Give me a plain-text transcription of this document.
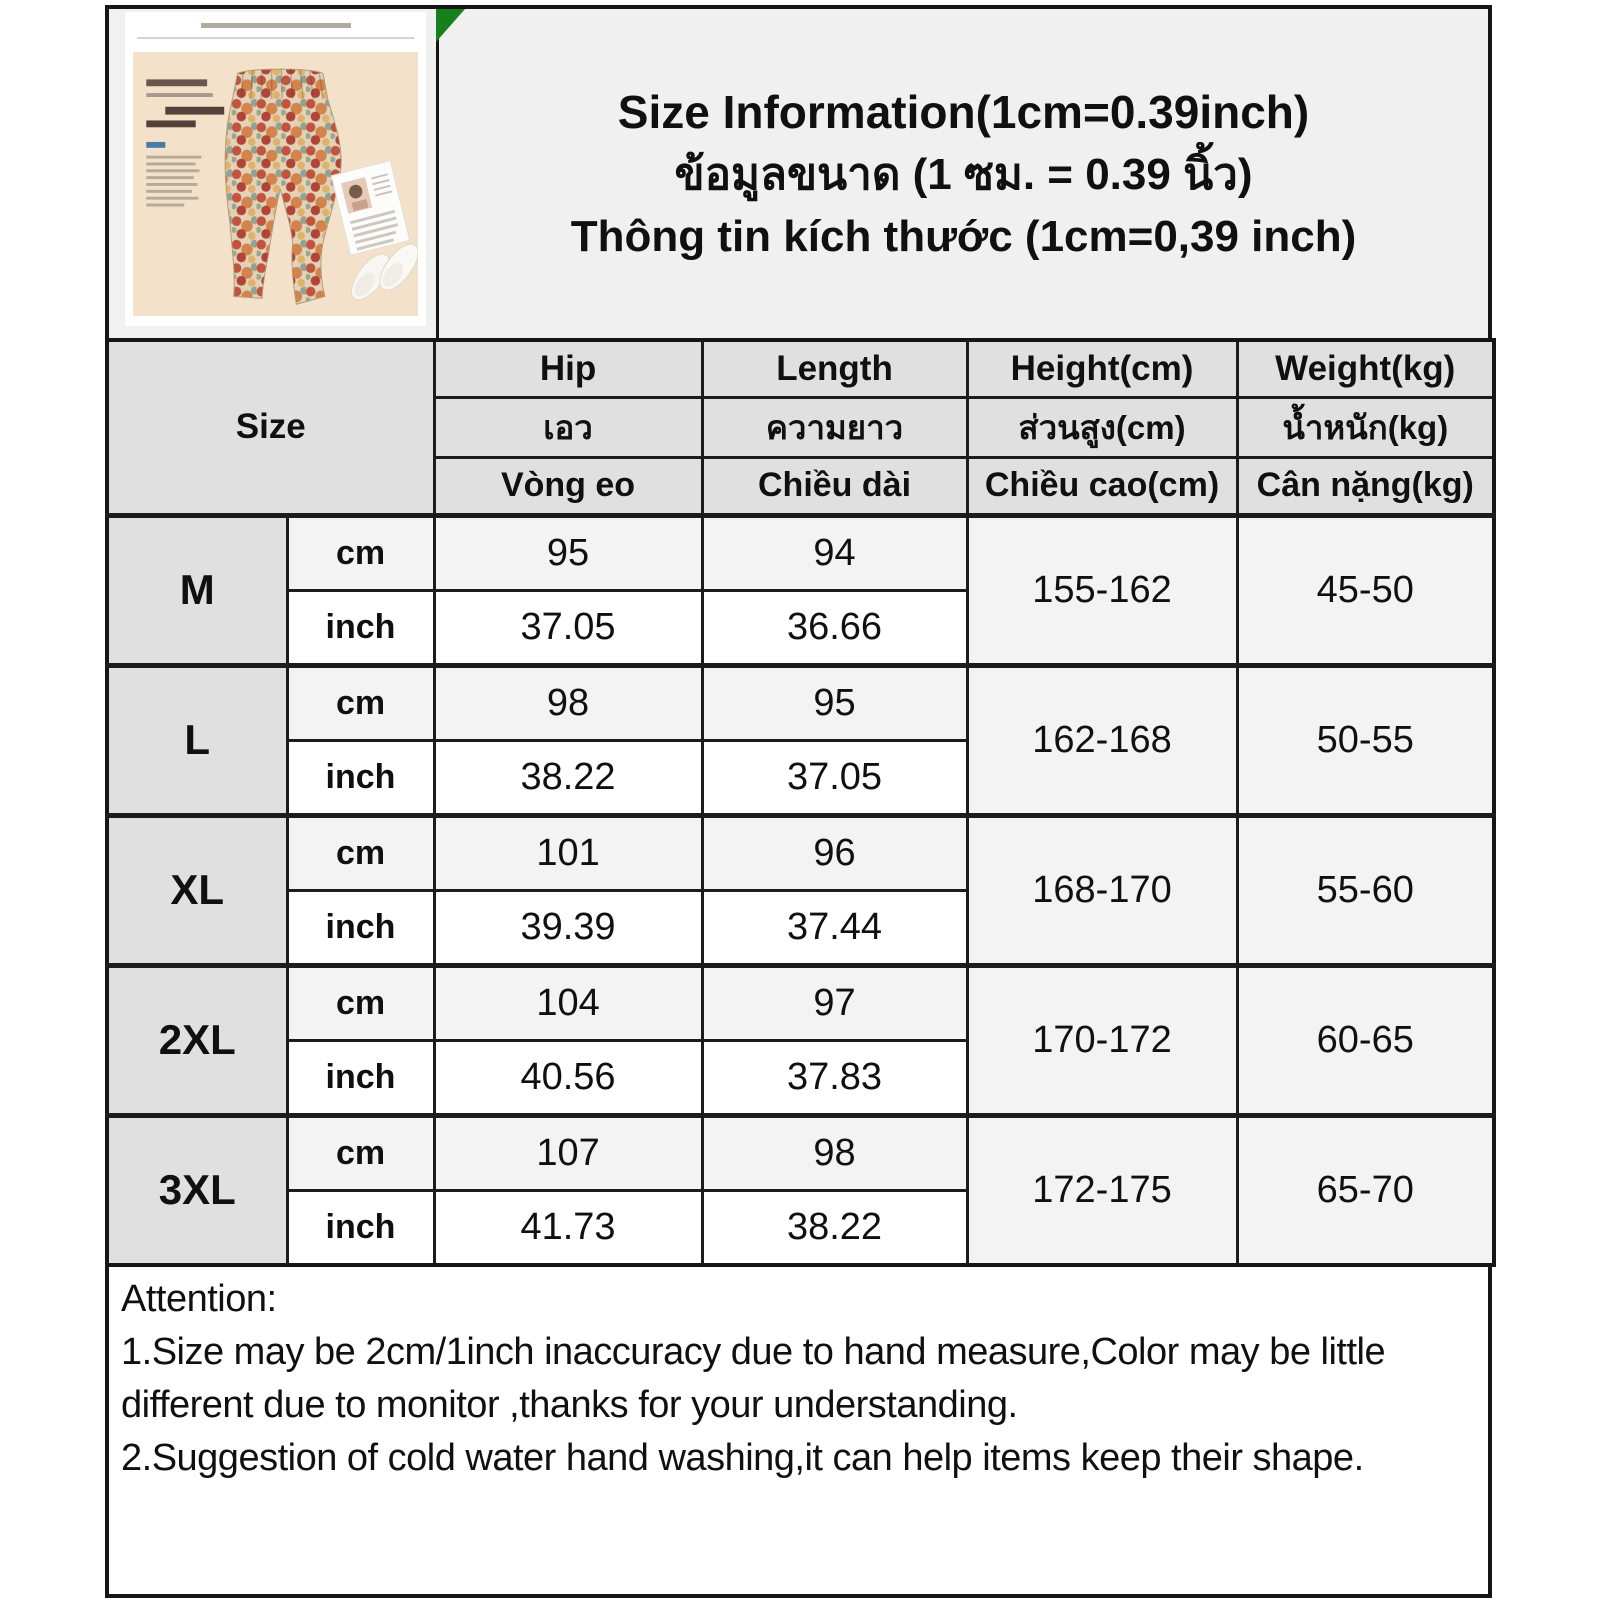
Size Information(1cm=0.39inch)
ข้อมูลขนาด (1 ซม. = 0.39 นิ้ว)
Thông tin kích thước (1cm=0,39 inch)
Size		Hip	Length	Height(cm)	Weight(kg)
		เอว	ความยาว	ส่วนสูง(cm)	น้ำหนัก(kg)
		Vòng eo	Chiều dài	Chiều cao(cm)	Cân nặng(kg)
M	cm	95	94	155-162	45-50
	inch	37.05	36.66		
L	cm	98	95	162-168	50-55
	inch	38.22	37.05		
XL	cm	101	96	168-170	55-60
	inch	39.39	37.44		
2XL	cm	104	97	170-172	60-65
	inch	40.56	37.83		
3XL	cm	107	98	172-175	65-70
	inch	41.73	38.22		
Attention:
1.Size may be 2cm/1inch inaccuracy due to hand measure,Color may be little different due to monitor ,thanks for your understanding.
2.Suggestion of cold water hand washing,it can help items keep their shape.
